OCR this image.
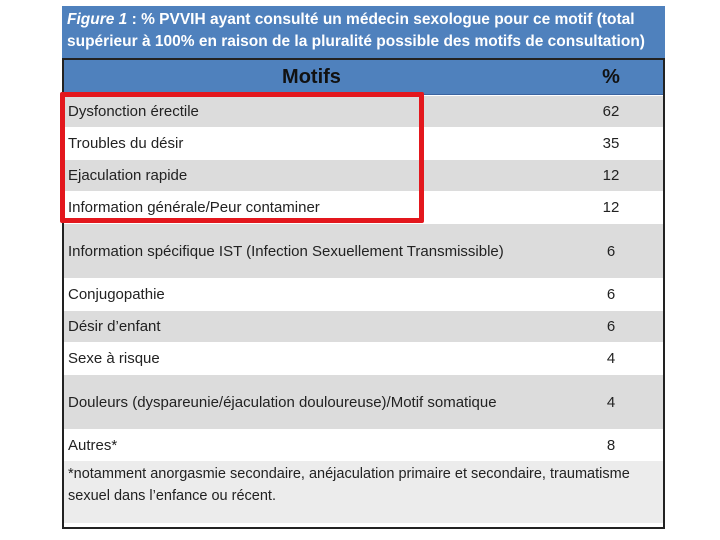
Figure 1 : % PVVIH ayant consulté un médecin sexologue pour ce motif (total supérieur à 100% en raison de la pluralité possible des motifs de consultation)
Motifs	%
Dysfonction érectile	62
Troubles du désir	35
Ejaculation rapide	12
Information générale/Peur contaminer	12
Information spécifique IST (Infection Sexuellement Transmissible)	6
Conjugopathie	6
Désir d’enfant	6
Sexe à risque	4
Douleurs (dyspareunie/éjaculation douloureuse)/Motif somatique	4
Autres*	8
*notamment anorgasmie secondaire, anéjaculation primaire et secondaire, traumatisme sexuel dans l’enfance ou récent.
